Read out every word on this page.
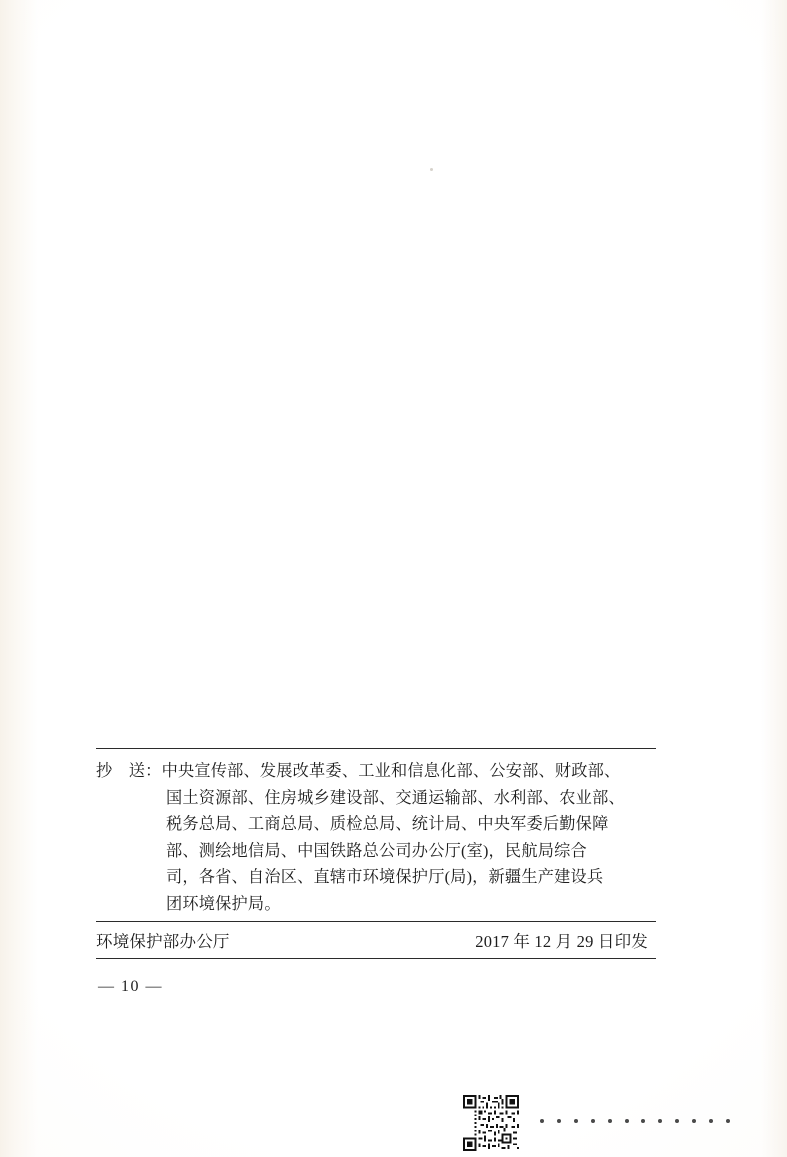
抄　送：中央宣传部、发展改革委、工业和信息化部、公安部、财政部、
国土资源部、住房城乡建设部、交通运输部、水利部、农业部、
税务总局、工商总局、质检总局、统计局、中央军委后勤保障
部、测绘地信局、中国铁路总公司办公厅(室)，民航局综合
司，各省、自治区、直辖市环境保护厅(局)，新疆生产建设兵
团环境保护局。
环境保护部办公厅	2017 年 12 月 29 日印发
— 10 —
